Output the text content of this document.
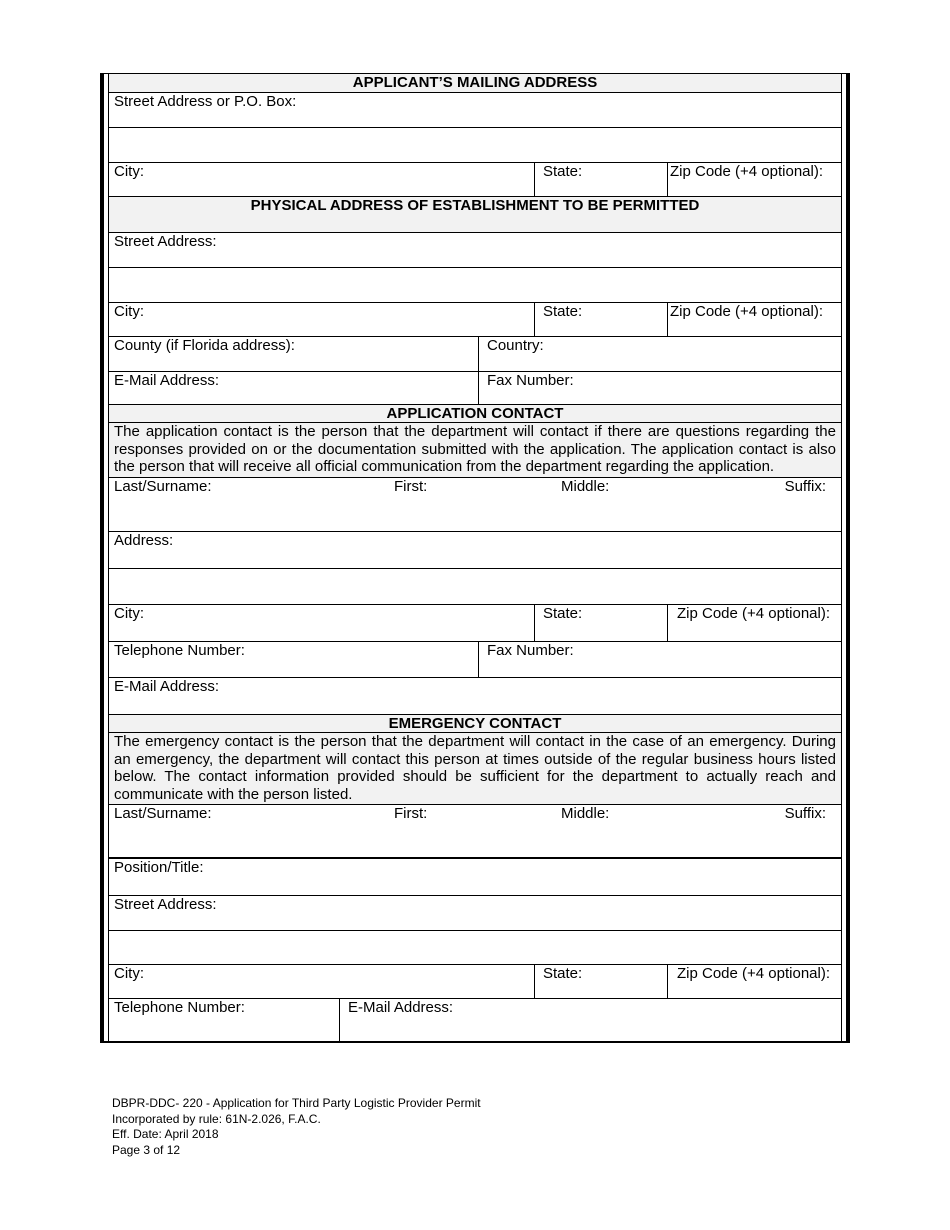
APPLICANT’S MAILING ADDRESS
Street Address or P.O. Box:
City:	State:	Zip Code (+4 optional):
PHYSICAL ADDRESS OF ESTABLISHMENT TO BE PERMITTED
Street Address:
City:	State:	Zip Code (+4 optional):
County (if Florida address):	Country:
E-Mail Address:	Fax Number:
APPLICATION CONTACT
The application contact is the person that the department will contact if there are questions regarding the responses provided on or the documentation submitted with the application. The application contact is also the person that will receive all official communication from the department regarding the application.
Last/Surname:	First:	Middle:	Suffix:
Address:
City:	State:	Zip Code (+4 optional):
Telephone Number:	Fax Number:
E-Mail Address:
EMERGENCY CONTACT
The emergency contact is the person that the department will contact in the case of an emergency. During an emergency, the department will contact this person at times outside of the regular business hours listed below. The contact information provided should be sufficient for the department to actually reach and communicate with the person listed.
Last/Surname:	First:	Middle:	Suffix:
Position/Title:
Street Address:
City:	State:	Zip Code (+4 optional):
Telephone Number:	E-Mail Address:
DBPR-DDC- 220 - Application for Third Party Logistic Provider Permit
Incorporated by rule: 61N-2.026, F.A.C.
Eff. Date: April 2018
Page 3 of 12
